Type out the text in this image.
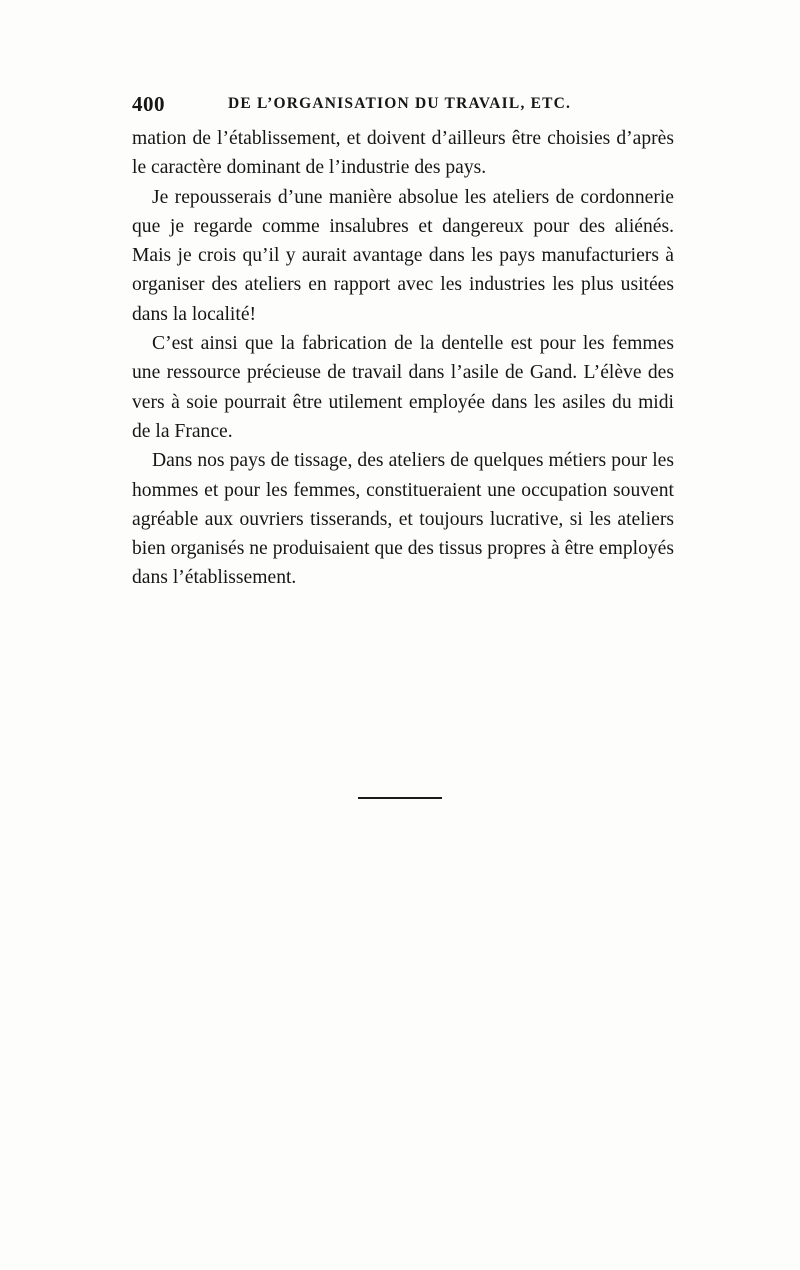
400	DE L’ORGANISATION DU TRAVAIL, ETC.

mation de l’établissement, et doivent d’ailleurs être choisies d’après le caractère dominant de l’industrie des pays.

Je repousserais d’une manière absolue les ateliers de cordonnerie que je regarde comme insalubres et dangereux pour des aliénés. Mais je crois qu’il y aurait avantage dans les pays manufacturiers à organiser des ateliers en rapport avec les industries les plus usitées dans la localité!

C’est ainsi que la fabrication de la dentelle est pour les femmes une ressource précieuse de travail dans l’asile de Gand. L’élève des vers à soie pourrait être utilement employée dans les asiles du midi de la France.

Dans nos pays de tissage, des ateliers de quelques métiers pour les hommes et pour les femmes, constitueraient une occupation souvent agréable aux ouvriers tisserands, et toujours lucrative, si les ateliers bien organisés ne produisaient que des tissus propres à être employés dans l’établissement.
